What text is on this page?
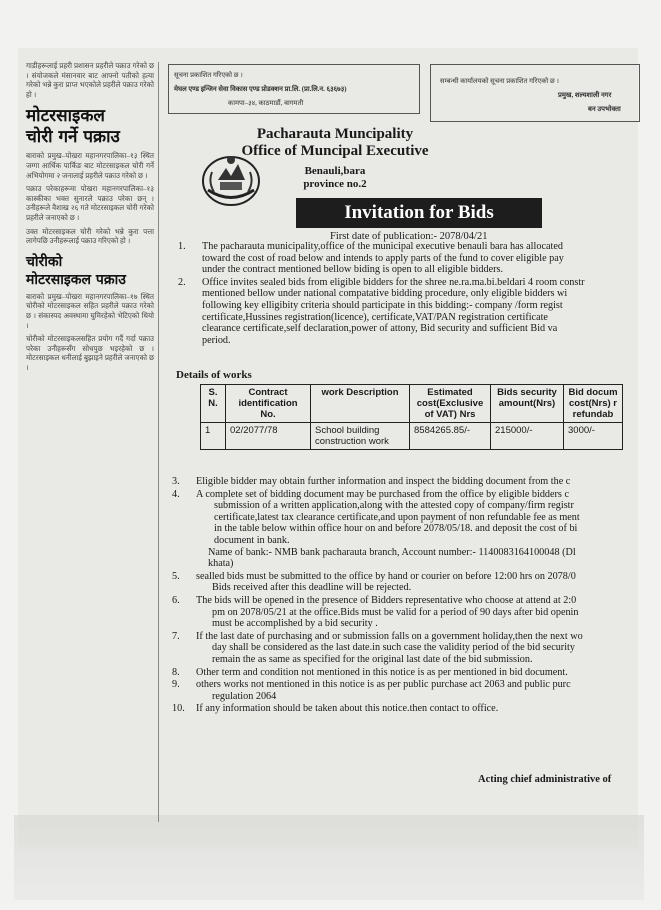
गाडीहरूलाई प्रहरी प्रशासन प्रहरीले पक्राउ गरेको छ । संयोजकले मंसानवार बाट आफ्नो पतीको हत्या गरेको भन्ने कुरा प्राप्त भएकोले प्रहरीले पक्राउ गरेको हो ।

मोटरसाइकल
चोरी गर्ने पक्राउ

बाराको प्रमुख–पोखरा महानगरपालिका–१३ स्थित जग्गा आर्थिक पार्किङ बाट मोटरसाइकल चोरी गर्ने अभियोगमा २ जनालाई प्रहरीले पक्राउ गरेको छ ।

पक्राउ परेकाहरूमा पोखरा महानगरपालिका–१३ कास्कीका भक्त सुनारले पक्राउ परेका छन् । उनीहरूले वैशाख २६ गते मोटरसाइकल चोरी गरेको प्रहरीले जनाएको छ ।

उक्त मोटरसाइकल चोरी गरेको भन्ने कुरा पत्ता लागेपछि उनीहरूलाई पक्राउ गरिएको हो ।

चोरीको
मोटरसाइकल पक्राउ

बाराको प्रमुख–पोखरा महानगरपालिका–१७ स्थित चोरीको मोटरसाइकल सहित प्रहरीले पक्राउ गरेको छ । संकास्पद अवस्थामा घुमिरहेको भेटिएको थियो ।

चोरीको मोटरसाइकलसहित प्रयोग गर्दै गर्दा पक्राउ परेका उनीहरूसँग सोधपुछ भइरहेको छ । मोटरसाइकल धनीलाई बुझाइने प्रहरीले जनाएको छ ।

सूचना प्रकाशित गरिएको छ ।
मेघल एण्ड इन्जिन सेवा विकास एण्ड प्रोडक्शन प्रा.लि. (प्रा.लि.न. ६३६७३)
कामपा–३४, काठमाडौं, बागमती
सम्बन्धी कार्यालयको सूचना प्रकाशित गरिएको छ ।
प्रमुख, शल्यशाली नगर
बन उपभोक्ता
Pacharauta Muncipality
Office of Muncipal Executive
Benauli,bara
province no.2
Invitation for Bids
First date of publication:- 2078/04/21
1.	The pacharauta municipality,office of the municipal executive benauli bara has allocated
toward the cost of road below and intends to apply parts of the fund to cover eligible pay
under the contract mentioned bellow biding is open to all eligible bidders.
2.	Office invites sealed bids from eligible bidders for the shree ne.ra.ma.bi.beldari 4 room constr
mentioned bellow under national compatative bidding procedure, only eligible bidders wi
following key elligibity criteria should participate in this bidding:- company /form regist
certificate,Hussines registration(licence), certificate,VAT/PAN registration certificate
clearance certificate,self declaration,power of attony, Bid security and sufficient Bid va
period.
Details of works
S. N.	Contract identification No.	work Description	Estimated cost(Exclusive of VAT) Nrs	Bids security amount(Nrs)	Bid docum cost(Nrs) r refundab
1	02/2077/78	School building construction work	8584265.85/-	215000/-	3000/-
3.	Eligible bidder may obtain further information and inspect the bidding document from the c
4.	A complete set of bidding document may be purchased from the office by eligible bidders c
submission of a written application,along with the attested copy of company/firm registr
certificate,latest tax clearance certificate,and upon payment of non refundable fee as ment
in the table below within office hour on and before 2078/05/18. and deposit the cost of bi
document in bank.
Name of bank:- NMB bank pacharauta branch, Account number:- 1140083164100048 (Dl
khata)
5.	sealled bids must be submitted to the office by hand or courier on before 12:00 hrs on 2078/0
Bids received after this deadline will be rejected.
6.	The bids will be opened in the presence of Bidders representative who choose at attend at 2:0
pm on 2078/05/21 at the office.Bids must be valid for a period of 90 days after bid openin
must be accomplished by a bid security .
7.	If the last date of purchasing and or submission falls on a government holiday,then the next wo
day shall be considered as the last date.in such case the validity period of the bid security
remain the as same as specified for the original last date of the bid submission.
8.	Other term and condition not mentioned in this notice is as per mentioned in bid document.
9.	others works not mentioned in this notice is as per public purchase act 2063 and public purc
regulation 2064
10.	If any information should be taken about this notice.then contact to office.
Acting chief administrative of
